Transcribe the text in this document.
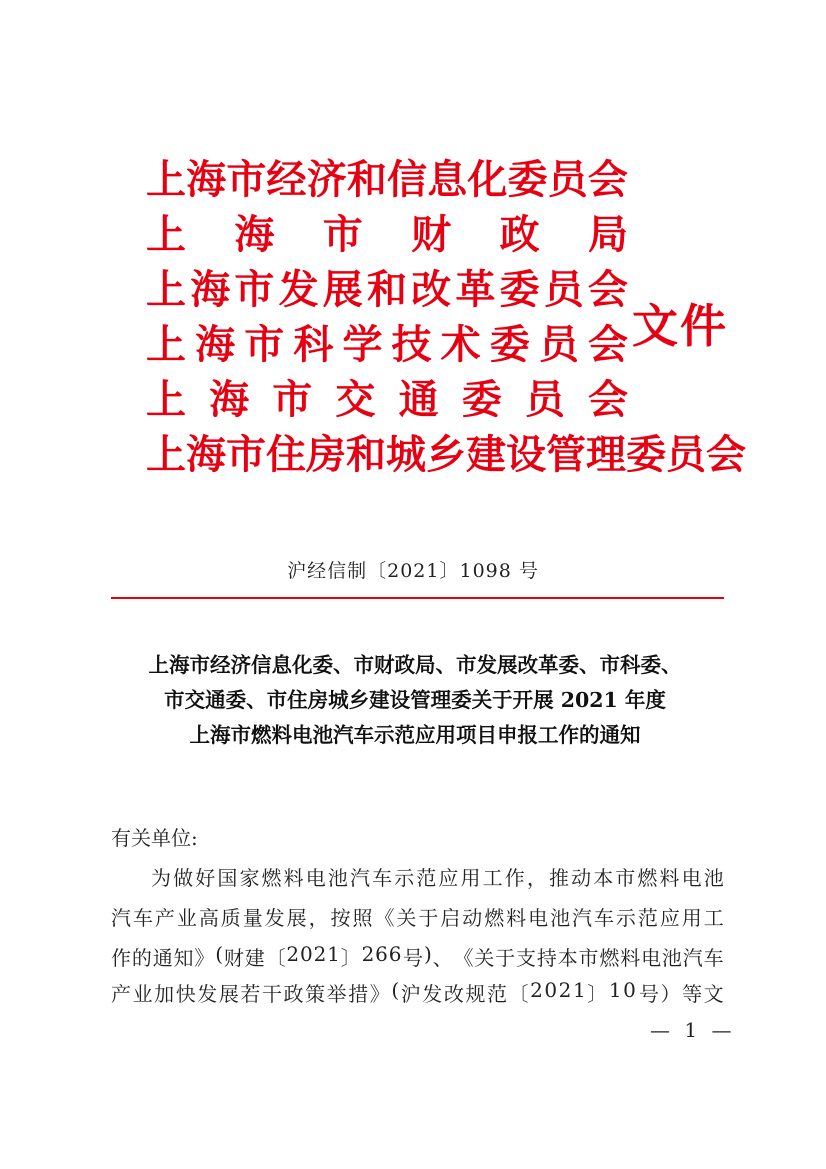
上 海 市 经 济 和 信 息 化 委 员 会
上 海 市 财 政 局
上 海 市 发 展 和 改 革 委 员 会
上 海 市 科 学 技 术 委 员 会
上 海 市 交 通 委 员 会
上 海 市 住 房 和 城 乡 建 设 管 理 委 员 会
文件
沪经信制〔2021〕1098 号
上海市经济信息化委、市财政局、市发展改革委、市科委、
市交通委、市住房城乡建设管理委关于开展 2021 年度
上海市燃料电池汽车示范应用项目申报工作的通知
有关单位:
为 做 好 国 家 燃 料 电 池 汽 车 示 范 应 用 工 作 ， 推 动 本 市 燃 料 电 池
汽 车 产 业 高 质 量 发 展 ， 按 照 《 关 于 启 动 燃 料 电 池 汽 车 示 范 应 用 工
作 的 通 知 》 ( 财 建 〔 2 0 2 1 〕 2 6 6 号 ) 、 《 关 于 支 持 本 市 燃 料 电 池 汽 车
产 业 加 快 发 展 若 干 政 策 举 措 》 ( 沪 发 改 规 范 〔 2 0 2 1 〕 1 0 号 ） 等 文
— 1 —
